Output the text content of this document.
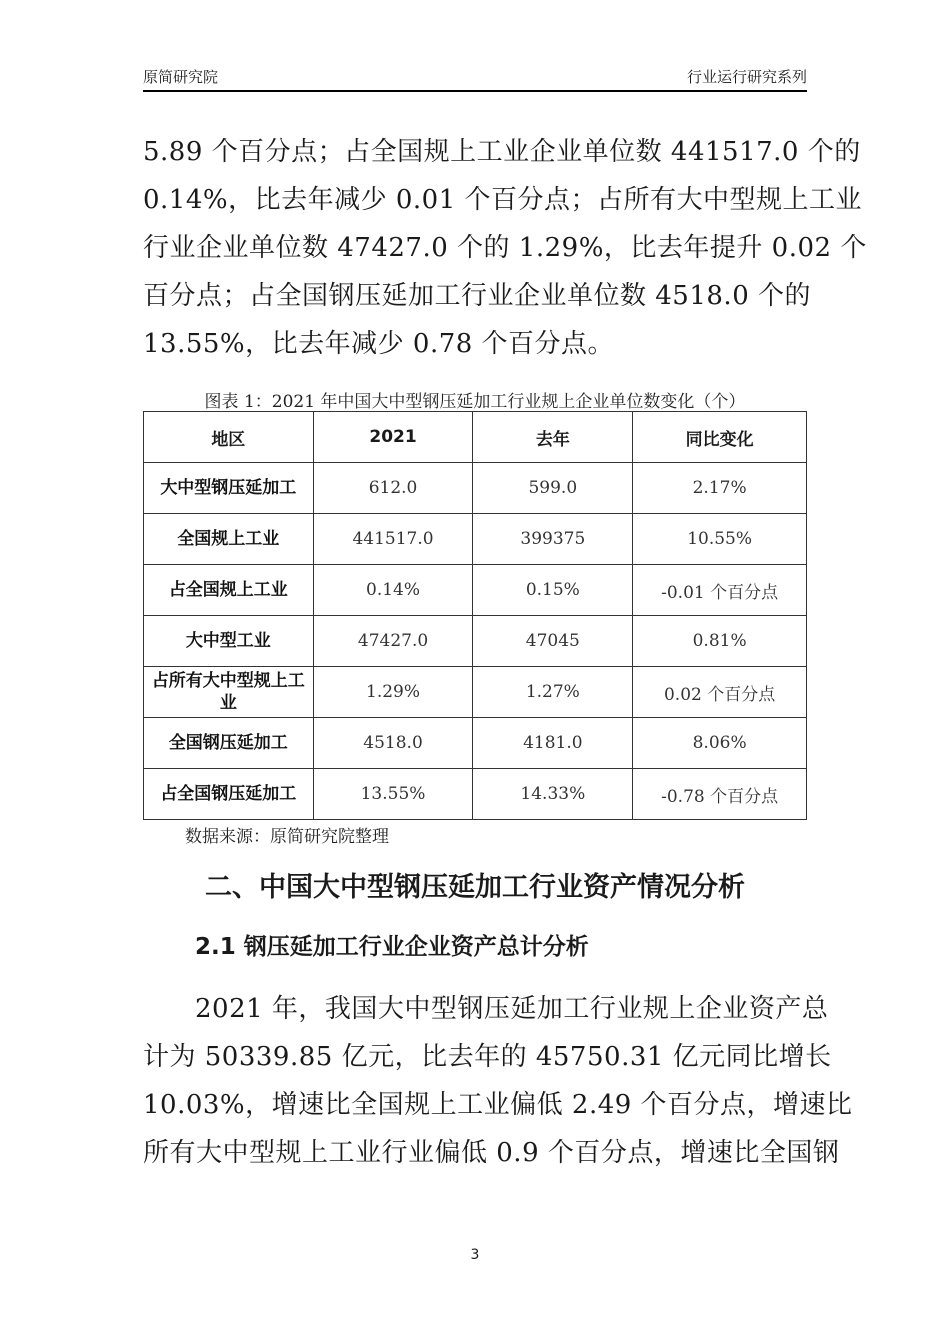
原简研究院	行业运行研究系列

5.89 个百分点；占全国规上工业企业单位数 441517.0 个的
0.14%，比去年减少 0.01 个百分点；占所有大中型规上工业
行业企业单位数 47427.0 个的 1.29%，比去年提升 0.02 个
百分点；占全国钢压延加工行业企业单位数 4518.0 个的
13.55%，比去年减少 0.78 个百分点。

图表 1：2021 年中国大中型钢压延加工行业规上企业单位数变化（个）
地区	2021	去年	同比变化
大中型钢压延加工	612.0	599.0	2.17%
全国规上工业	441517.0	399375	10.55%
占全国规上工业	0.14%	0.15%	-0.01 个百分点
大中型工业	47427.0	47045	0.81%
占所有大中型规上工业	1.29%	1.27%	0.02 个百分点
全国钢压延加工	4518.0	4181.0	8.06%
占全国钢压延加工	13.55%	14.33%	-0.78 个百分点
数据来源：原简研究院整理
二、中国大中型钢压延加工行业资产情况分析
2.1 钢压延加工行业企业资产总计分析

2021 年，我国大中型钢压延加工行业规上企业资产总
计为 50339.85 亿元，比去年的 45750.31 亿元同比增长
10.03%，增速比全国规上工业偏低 2.49 个百分点，增速比
所有大中型规上工业行业偏低 0.9 个百分点，增速比全国钢

3
